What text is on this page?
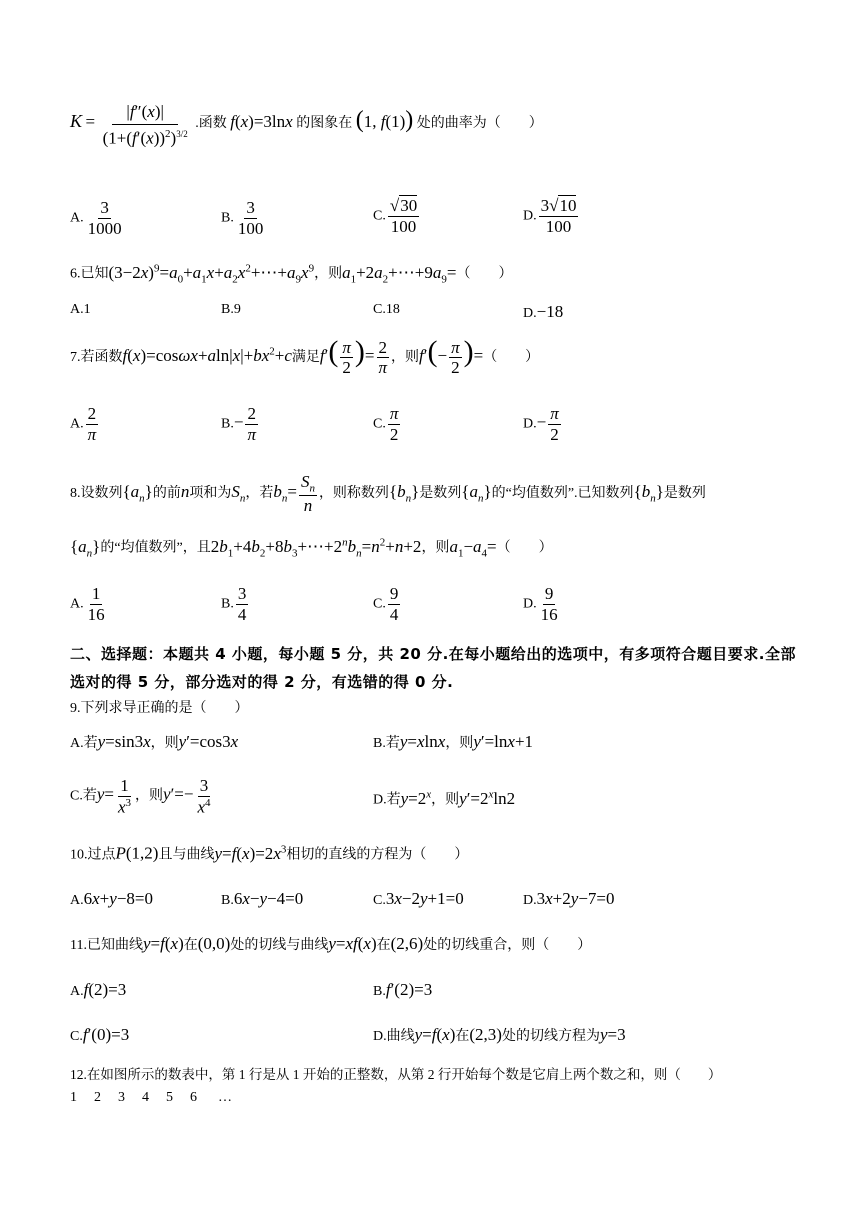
$K = \frac{|f''(x)|}{(1+(f'(x))^2)^{3/2}}$ .函数 f(x)=3lnx 的图象在 (1, f(1)) 处的曲率为（　　）
A. $\frac{3}{1000}$	B. $\frac{3}{100}$	C. $\frac{√30}{100}$	D. $\frac{3√10}{100}$
6.已知$(3-2x)^9=a_0+a_1x+a_2x^2+\cdots+a_9x^9$，则$a_1+2a_2+\cdots+9a_9=$（　　）
A.1	B.9	C.18	D.−18
7.若函数$f(x)=\cos\omega x+aln|x|+bx^2+c$满足$f'( \frac{\pi}{2}$ )= $\frac{2}{\pi}$ ，则$f'(- \frac{\pi}{2}$ )=（　　）
A. $\frac{2}{\pi}$	$B.- \frac{2}{\pi}$	C. $\frac{\pi}{2}$	$D.- \frac{\pi}{2}$
8.设数列$\{a_n\}$的前n项和为$S_n$，若$b_n= \frac{S_n}{n}$ ，则称数列$\{b_n\}$是数列$\{a_n\}$的“均值数列”.已知数列$\{b_n\}$是数列
$\{a_n\}$的“均值数列”，且$2b_1+4b_2+8b_3+\cdots+2^nb_n=n^2+n+2$，则$a_1-a_4=$（　　）
A. $\frac{1}{16}$	B. $\frac{3}{4}$	C. $\frac{9}{4}$	D. $\frac{9}{16}$
二、选择题：本题共 4 小题，每小题 5 分，共 20 分.在每小题给出的选项中，有多项符合题目要求.全部选对的得 5 分，部分选对的得 2 分，有选错的得 0 分.
9.下列求导正确的是（　　）
A.若y=sin3x，则y′=cos3x	B.若y=xlnx，则y′=lnx+1
C.若$y= \frac{1}{x^3}$ ，则$y'=- \frac{3}{x^4}$	D.若$y=2^x$，则$y'=2^x\ln 2$
10.过点P(1,2)且与曲线$y=f(x)=2x^3$相切的直线的方程为（　　）
A.6x+y−8=0	B.6x−y−4=0	C.3x−2y+1=0	D.3x+2y−7=0
11.已知曲线y=f(x)在(0,0)处的切线与曲线y=xf(x)在(2,6)处的切线重合，则（　　）
A.f(2)=3	B.f′(2)=3
C.f′(0)=3	D.曲线y=f(x)在(2,3)处的切线方程为y=3
12.在如图所示的数表中，第 1 行是从 1 开始的正整数，从第 2 行开始每个数是它肩上两个数之和，则（　　）
1 2 3 4 5 6 …
